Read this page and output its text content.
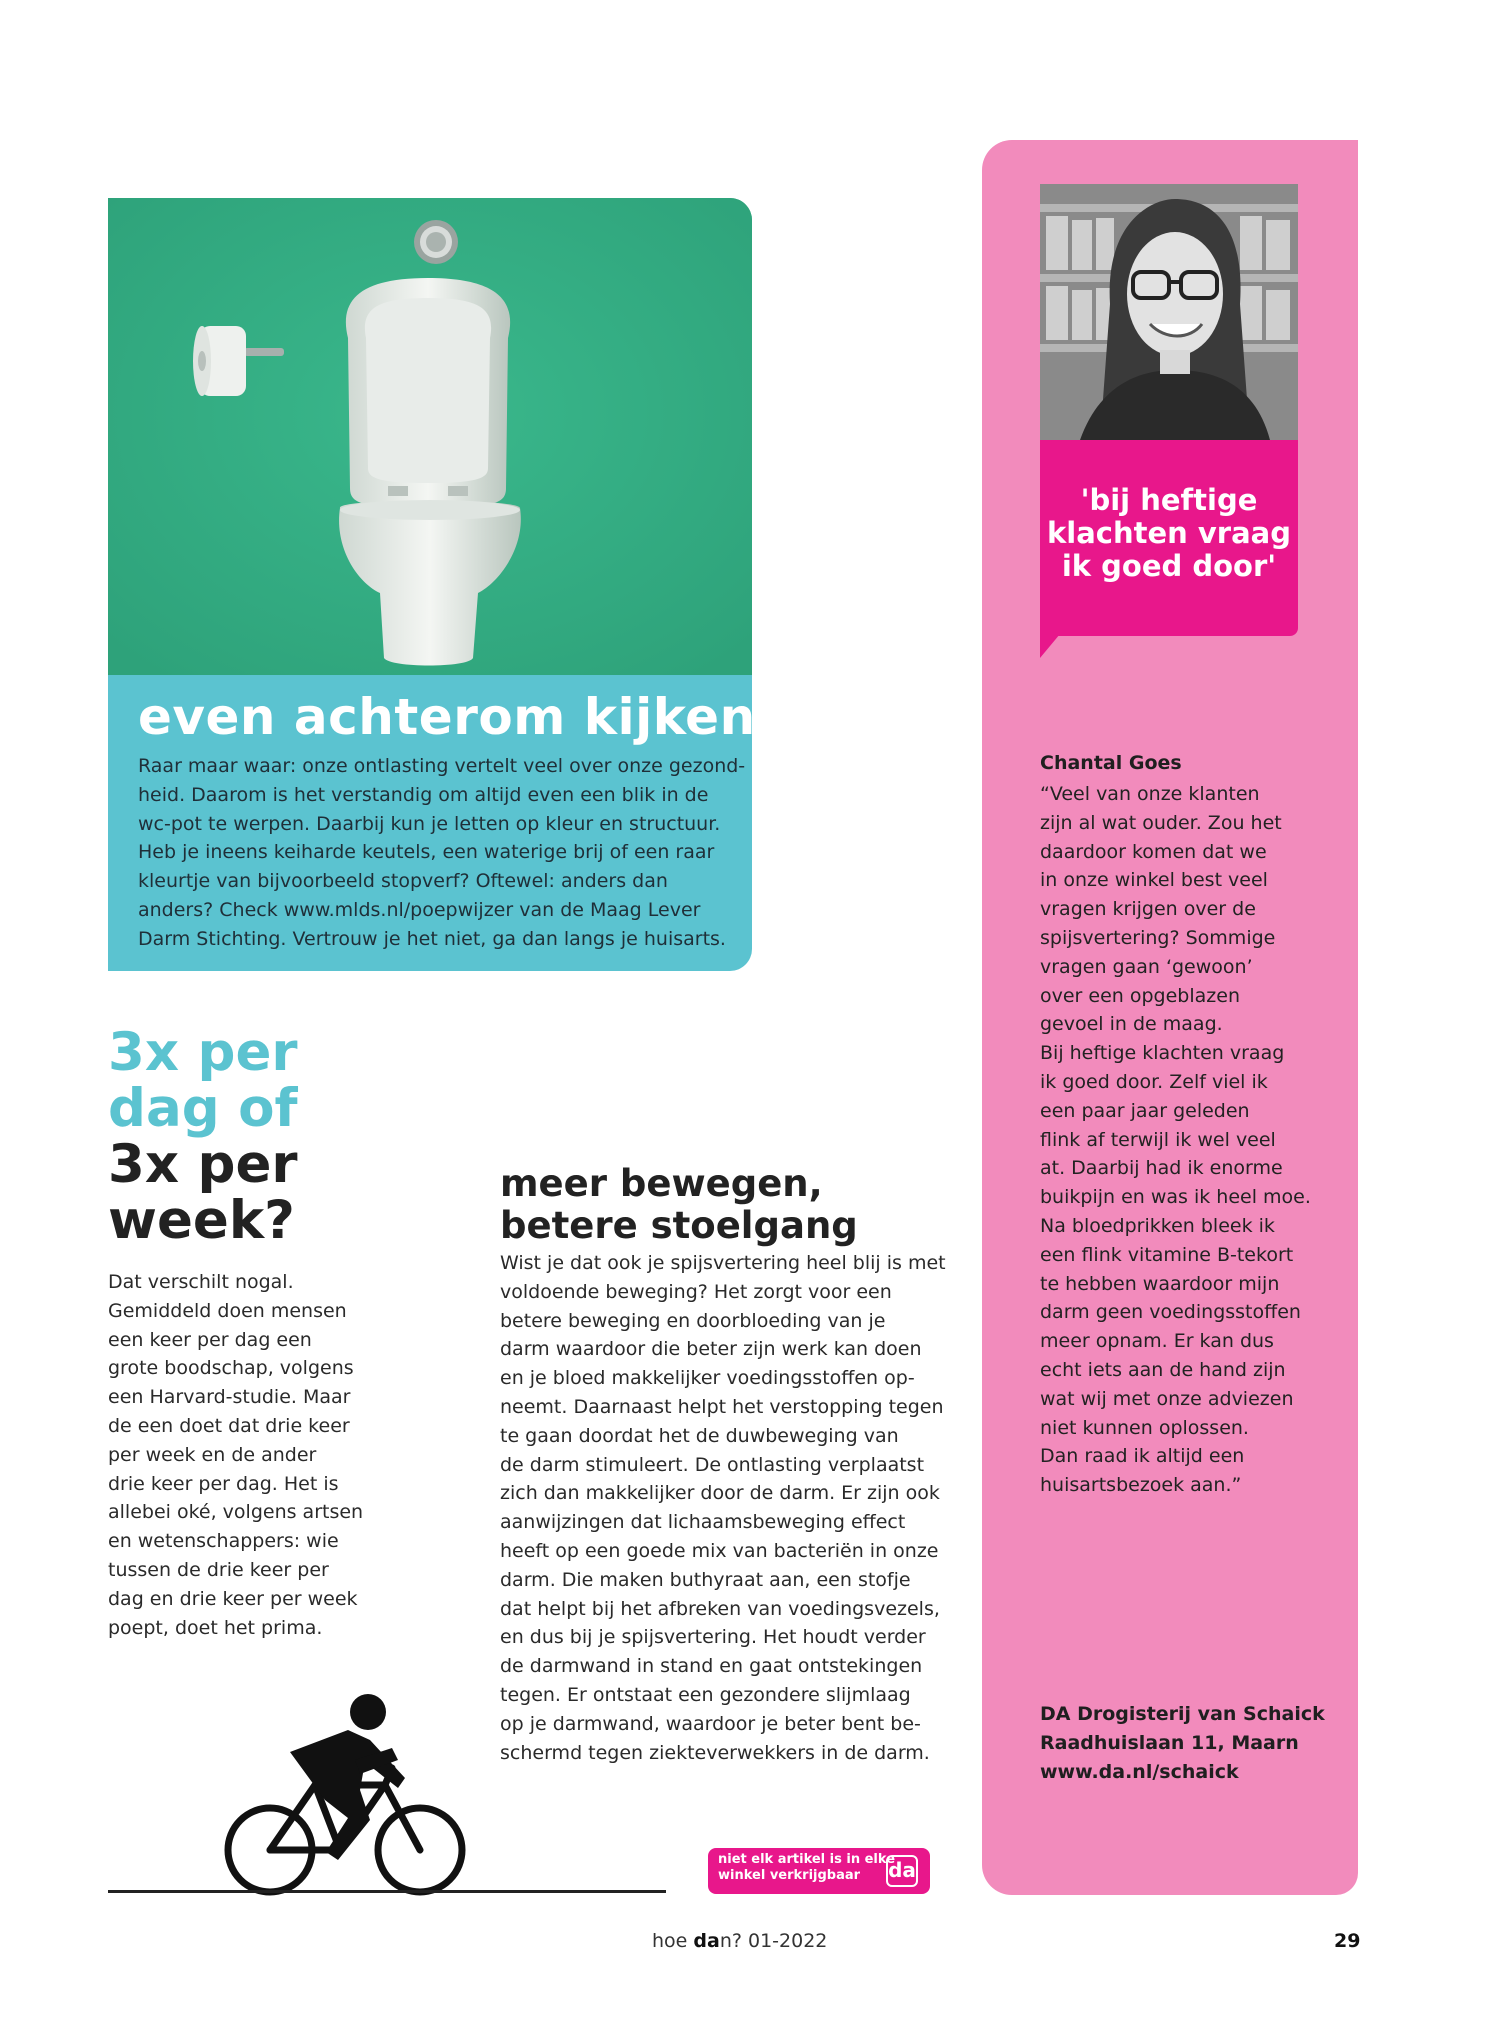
even achterom kijken

Raar maar waar: onze ontlasting vertelt veel over onze gezond-

heid. Daarom is het verstandig om altijd even een blik in de

wc-pot te werpen. Daarbij kun je letten op kleur en structuur.

Heb je ineens keiharde keutels, een waterige brij of een raar

kleurtje van bijvoorbeeld stopverf? Oftewel: anders dan

anders? Check www.mlds.nl/poepwijzer van de Maag Lever

Darm Stichting. Vertrouw je het niet, ga dan langs je huisarts.

3x per
dag of
3x per
week?

Dat verschilt nogal.

Gemiddeld doen mensen

een keer per dag een

grote boodschap, volgens

een Harvard-studie. Maar

de een doet dat drie keer

per week en de ander

drie keer per dag. Het is

allebei oké, volgens artsen

en wetenschappers: wie

tussen de drie keer per

dag en drie keer per week

poept, doet het prima.

meer bewegen,
betere stoelgang

Wist je dat ook je spijsvertering heel blij is met

voldoende beweging? Het zorgt voor een

betere beweging en doorbloeding van je

darm waardoor die beter zijn werk kan doen

en je bloed makkelijker voedingsstoffen op-

neemt. Daarnaast helpt het verstopping tegen

te gaan doordat het de duwbeweging van

de darm stimuleert. De ontlasting verplaatst

zich dan makkelijker door de darm. Er zijn ook

aanwijzingen dat lichaamsbeweging effect

heeft op een goede mix van bacteriën in onze

darm. Die maken buthyraat aan, een stofje

dat helpt bij het afbreken van voedingsvezels,

en dus bij je spijsvertering. Het houdt verder

de darmwand in stand en gaat ontstekingen

tegen. Er ontstaat een gezondere slijmlaag

op je darmwand, waardoor je beter bent be-

schermd tegen ziekteverwekkers in de darm.

niet elk artikel is in elke
winkel verkrijgbaar da

'bij heftige

klachten vraag

ik goed door'

Chantal Goes

“Veel van onze klanten

zijn al wat ouder. Zou het

daardoor komen dat we

in onze winkel best veel

vragen krijgen over de

spijsvertering? Sommige

vragen gaan ‘gewoon’

over een opgeblazen

gevoel in de maag.

Bij heftige klachten vraag

ik goed door. Zelf viel ik

een paar jaar geleden

flink af terwijl ik wel veel

at. Daarbij had ik enorme

buikpijn en was ik heel moe.

Na bloedprikken bleek ik

een flink vitamine B-tekort

te hebben waardoor mijn

darm geen voedingsstoffen

meer opnam. Er kan dus

echt iets aan de hand zijn

wat wij met onze adviezen

niet kunnen oplossen.

Dan raad ik altijd een

huisartsbezoek aan.”

DA Drogisterij van Schaick

Raadhuislaan 11, Maarn

www.da.nl/schaick

hoe dan? 01-2022	29
